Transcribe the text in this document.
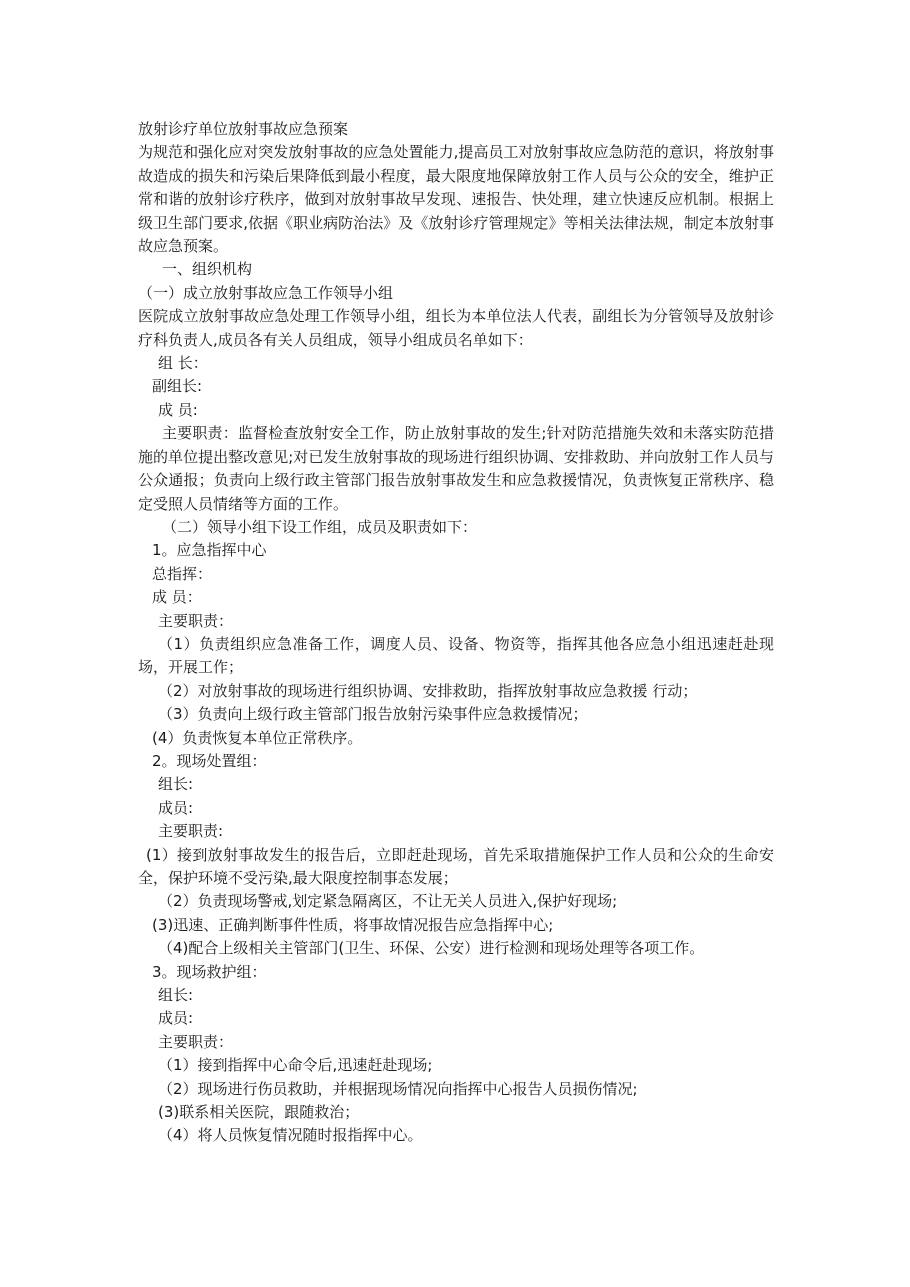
放射诊疗单位放射事故应急预案

为规范和强化应对突发放射事故的应急处置能力,提高员工对放射事故应急防范的意识，将放射事故造成的损失和污染后果降低到最小程度，最大限度地保障放射工作人员与公众的安全，维护正常和谐的放射诊疗秩序，做到对放射事故早发现、速报告、快处理，建立快速反应机制。根据上级卫生部门要求,依据《职业病防治法》及《放射诊疗管理规定》等相关法律法规，制定本放射事故应急预案。

一、组织机构

（一）成立放射事故应急工作领导小组

医院成立放射事故应急处理工作领导小组，组长为本单位法人代表，副组长为分管领导及放射诊疗科负责人,成员各有关人员组成，领导小组成员名单如下：

组 长：

副组长:

成 员:

主要职责：监督检查放射安全工作，防止放射事故的发生;针对防范措施失效和未落实防范措施的单位提出整改意见;对已发生放射事故的现场进行组织协调、安排救助、并向放射工作人员与公众通报；负责向上级行政主管部门报告放射事故发生和应急救援情况，负责恢复正常秩序、稳定受照人员情绪等方面的工作。

（二）领导小组下设工作组，成员及职责如下：

1。应急指挥中心

总指挥：

成 员：

主要职责：

（1）负责组织应急准备工作，调度人员、设备、物资等，指挥其他各应急小组迅速赶赴现场，开展工作；

（2）对放射事故的现场进行组织协调、安排救助，指挥放射事故应急救援 行动；

（3）负责向上级行政主管部门报告放射污染事件应急救援情况；

(4）负责恢复本单位正常秩序。

2。现场处置组：

组长:

成员:

主要职责:

(1）接到放射事故发生的报告后，立即赶赴现场，首先采取措施保护工作人员和公众的生命安全，保护环境不受污染,最大限度控制事态发展；

（2）负责现场警戒,划定紧急隔离区，不让无关人员进入,保护好现场;

(3)迅速、正确判断事件性质，将事故情况报告应急指挥中心;

（4)配合上级相关主管部门(卫生、环保、公安）进行检测和现场处理等各项工作。

3。现场救护组：

组长:

成员:

主要职责：

（1）接到指挥中心命令后,迅速赶赴现场;

（2）现场进行伤员救助，并根据现场情况向指挥中心报告人员损伤情况;

(3)联系相关医院，跟随救治；

（4）将人员恢复情况随时报指挥中心。
